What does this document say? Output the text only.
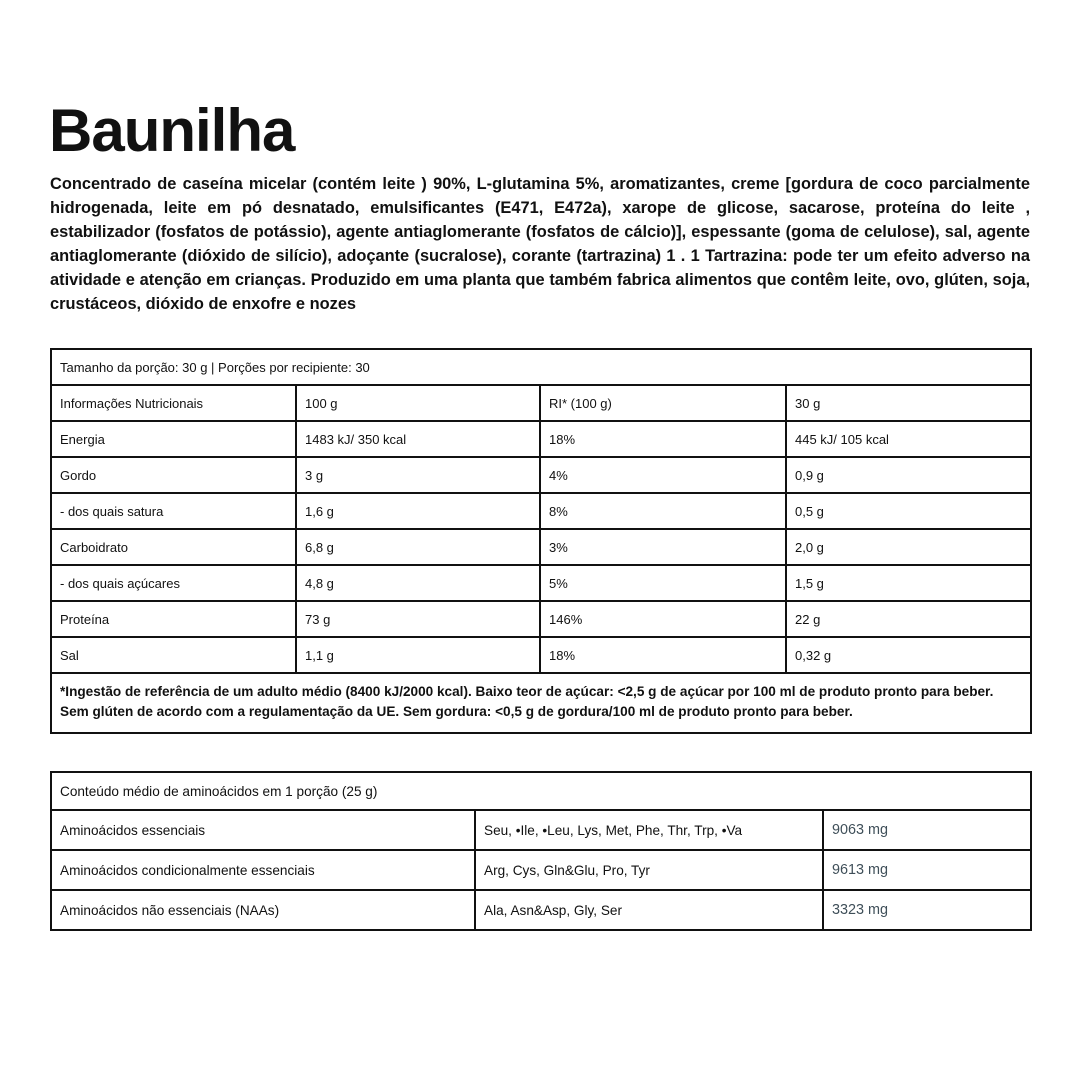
Baunilha

Concentrado de caseína micelar (contém leite ) 90%, L-glutamina 5%, aromatizantes, creme [gordura de coco parcialmente hidrogenada, leite em pó desnatado, emulsificantes (E471, E472a), xarope de glicose, sacarose, proteína do leite , estabilizador (fosfatos de potássio), agente antiaglomerante (fosfatos de cálcio)], espessante (goma de celulose), sal, agente antiaglomerante (dióxido de silício), adoçante (sucralose), corante (tartrazina) 1 . 1 Tartrazina: pode ter um efeito adverso na atividade e atenção em crianças. Produzido em uma planta que também fabrica alimentos que contêm leite, ovo, glúten, soja, crustáceos, dióxido de enxofre e nozes

Tamanho da porção: 30 g | Porções por recipiente: 30			
Informações Nutricionais	100 g	RI* (100 g)	30 g
Energia	1483 kJ/ 350 kcal	18%	445 kJ/ 105 kcal
Gordo	3 g	4%	0,9 g
- dos quais satura	1,6 g	8%	0,5 g
Carboidrato	6,8 g	3%	2,0 g
- dos quais açúcares	4,8 g	5%	1,5 g
Proteína	73 g	146%	22 g
Sal	1,1 g	18%	0,32 g
*Ingestão de referência de um adulto médio (8400 kJ/2000 kcal). Baixo teor de açúcar: <2,5 g de açúcar por 100 ml de produto pronto para beber. Sem glúten de acordo com a regulamentação da UE. Sem gordura: <0,5 g de gordura/100 ml de produto pronto para beber.			
Conteúdo médio de aminoácidos em 1 porção (25 g)		
Aminoácidos essenciais	Seu, •Ile, •Leu, Lys, Met, Phe, Thr, Trp, •Va	9063 mg
Aminoácidos condicionalmente essenciais	Arg, Cys, Gln&Glu, Pro, Tyr	9613 mg
Aminoácidos não essenciais (NAAs)	Ala, Asn&Asp, Gly, Ser	3323 mg
